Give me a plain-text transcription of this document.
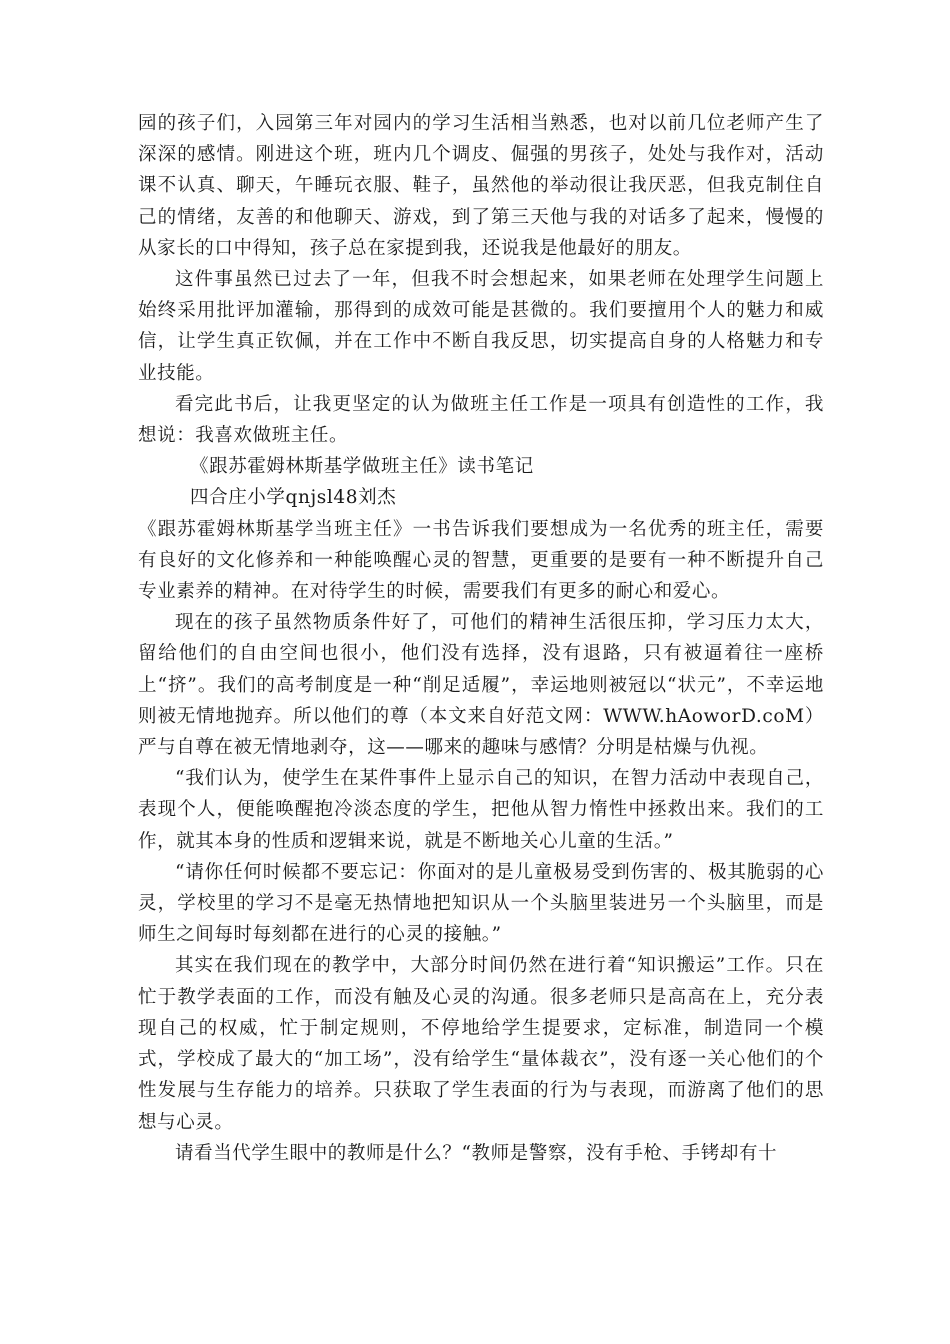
园的孩子们，入园第三年对园内的学习生活相当熟悉，也对以前几位老师产生了深深的感情。刚进这个班，班内几个调皮、倔强的男孩子，处处与我作对，活动课不认真、聊天，午睡玩衣服、鞋子，虽然他的举动很让我厌恶，但我克制住自己的情绪，友善的和他聊天、游戏，到了第三天他与我的对话多了起来，慢慢的从家长的口中得知，孩子总在家提到我，还说我是他最好的朋友。

这件事虽然已过去了一年，但我不时会想起来，如果老师在处理学生问题上始终采用批评加灌输，那得到的成效可能是甚微的。我们要擅用个人的魅力和威信，让学生真正钦佩，并在工作中不断自我反思，切实提高自身的人格魅力和专业技能。

看完此书后，让我更坚定的认为做班主任工作是一项具有创造性的工作，我想说：我喜欢做班主任。

《跟苏霍姆林斯基学做班主任》读书笔记

四合庄小学qnjsl48刘杰

《跟苏霍姆林斯基学当班主任》一书告诉我们要想成为一名优秀的班主任，需要有良好的文化修养和一种能唤醒心灵的智慧，更重要的是要有一种不断提升自己专业素养的精神。在对待学生的时候，需要我们有更多的耐心和爱心。

现在的孩子虽然物质条件好了，可他们的精神生活很压抑，学习压力太大，留给他们的自由空间也很小，他们没有选择，没有退路，只有被逼着往一座桥上“挤”。我们的高考制度是一种“削足适履”，幸运地则被冠以“状元”，不幸运地则被无情地抛弃。所以他们的尊（本文来自好范文网：WWW.hAoworD.coM）严与自尊在被无情地剥夺，这——哪来的趣味与感情？分明是枯燥与仇视。

“我们认为，使学生在某件事件上显示自己的知识，在智力活动中表现自己，表现个人，便能唤醒抱冷淡态度的学生，把他从智力惰性中拯救出来。我们的工作，就其本身的性质和逻辑来说，就是不断地关心儿童的生活。”

“请你任何时候都不要忘记：你面对的是儿童极易受到伤害的、极其脆弱的心灵，学校里的学习不是毫无热情地把知识从一个头脑里装进另一个头脑里，而是师生之间每时每刻都在进行的心灵的接触。”

其实在我们现在的教学中，大部分时间仍然在进行着“知识搬运”工作。只在忙于教学表面的工作，而没有触及心灵的沟通。很多老师只是高高在上，充分表现自己的权威，忙于制定规则，不停地给学生提要求，定标准，制造同一个模式，学校成了最大的“加工场”，没有给学生“量体裁衣”，没有逐一关心他们的个性发展与生存能力的培养。只获取了学生表面的行为与表现，而游离了他们的思想与心灵。

请看当代学生眼中的教师是什么？“教师是警察，没有手枪、手铐却有十
